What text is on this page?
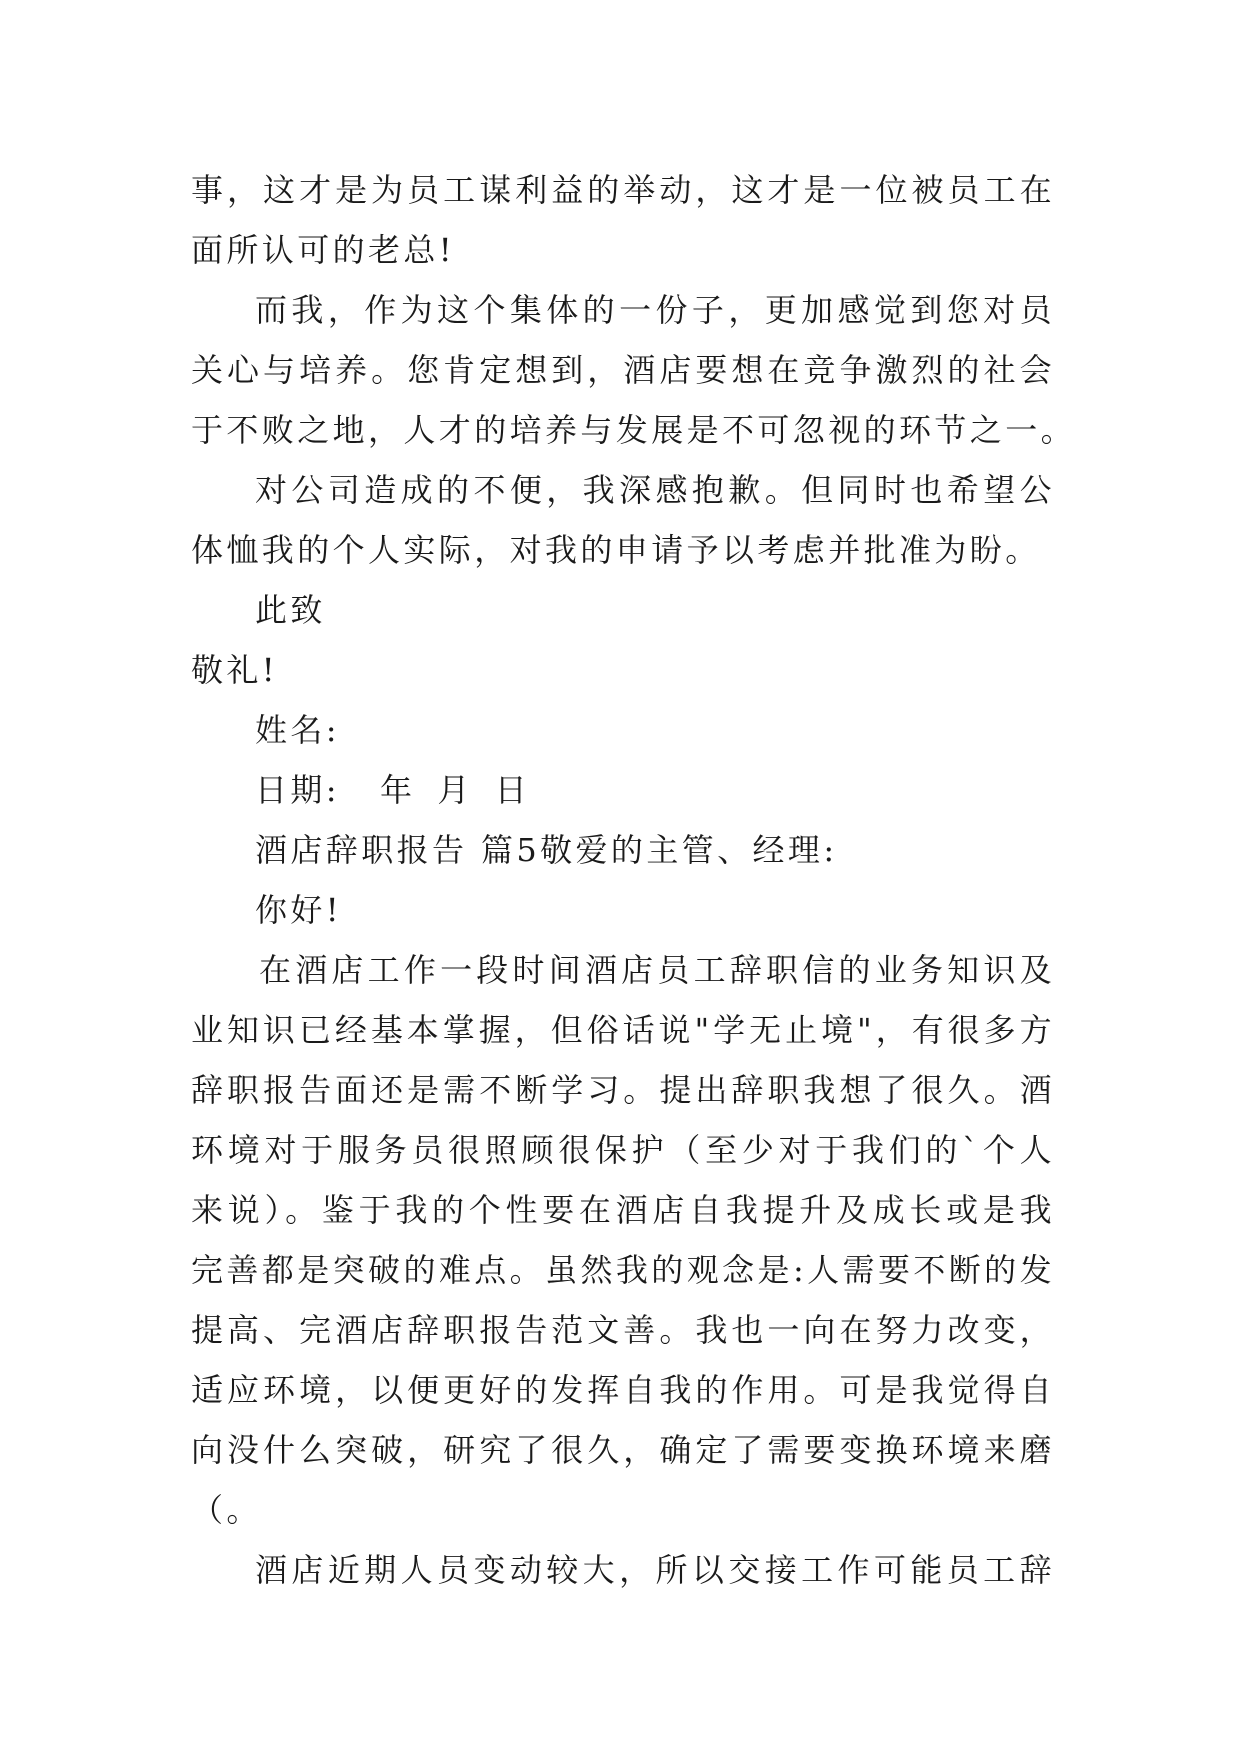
事，这才是为员工谋利益的举动，这才是一位被员工在
面所认可的老总!
而我，作为这个集体的一份子，更加感觉到您对员
关心与培养。您肯定想到，酒店要想在竞争激烈的社会
于不败之地，人才的培养与发展是不可忽视的环节之一。
对公司造成的不便，我深感抱歉。但同时也希望公
体恤我的个人实际，对我的申请予以考虑并批准为盼。
此致
敬礼!
姓名:
日期: 年 月 日
酒店辞职报告 篇5敬爱的主管、经理:
你好!
在酒店工作一段时间酒店员工辞职信的业务知识及
业知识已经基本掌握，但俗话说"学无止境"，有很多方
辞职报告面还是需不断学习。提出辞职我想了很久。酒
环境对于服务员很照顾很保护（至少对于我们的`个人
来说）。鉴于我的个性要在酒店自我提升及成长或是我
完善都是突破的难点。虽然我的观念是:人需要不断的发
提高、完酒店辞职报告范文善。我也一向在努力改变，
适应环境，以便更好的发挥自我的作用。可是我觉得自
向没什么突破，研究了很久，确定了需要变换环境来磨
（。
酒店近期人员变动较大，所以交接工作可能员工辞
